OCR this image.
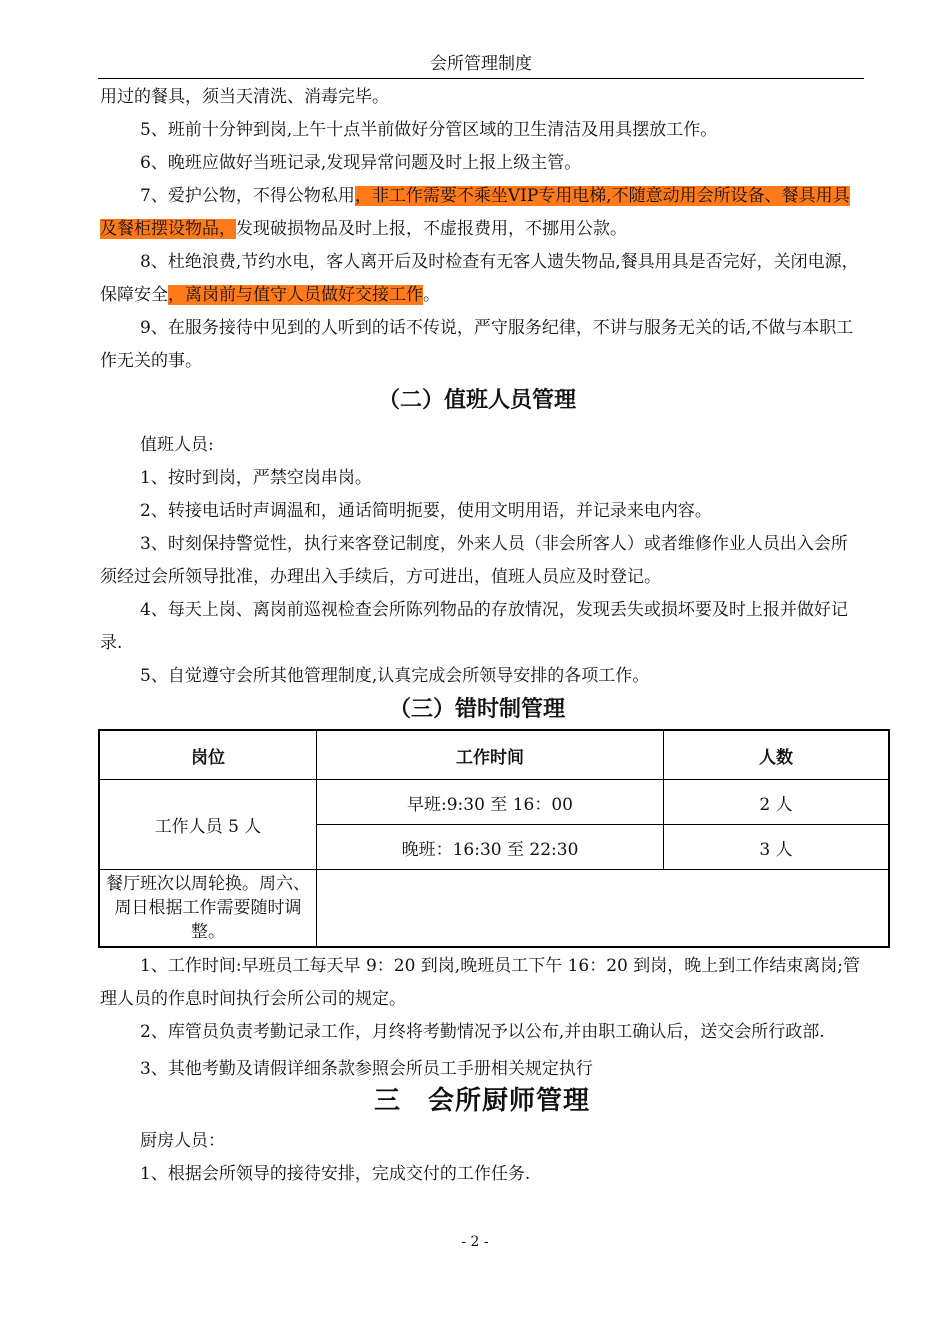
会所管理制度

用过的餐具，须当天清洗、消毒完毕。

5、班前十分钟到岗,上午十点半前做好分管区域的卫生清洁及用具摆放工作。

6、晚班应做好当班记录,发现异常问题及时上报上级主管。

7、爱护公物，不得公物私用，非工作需要不乘坐VIP专用电梯,不随意动用会所设备、餐具用具及餐柜摆设物品，发现破损物品及时上报，不虚报费用，不挪用公款。

8、杜绝浪费,节约水电，客人离开后及时检查有无客人遗失物品,餐具用具是否完好，关闭电源，保障安全，离岗前与值守人员做好交接工作。

9、在服务接待中见到的人听到的话不传说，严守服务纪律，不讲与服务无关的话,不做与本职工作无关的事。

（二）值班人员管理

值班人员:

1、按时到岗，严禁空岗串岗。

2、转接电话时声调温和，通话简明扼要，使用文明用语，并记录来电内容。

3、时刻保持警觉性，执行来客登记制度，外来人员（非会所客人）或者维修作业人员出入会所须经过会所领导批准，办理出入手续后，方可进出，值班人员应及时登记。

4、每天上岗、离岗前巡视检查会所陈列物品的存放情况，发现丢失或损坏要及时上报并做好记录.

5、自觉遵守会所其他管理制度,认真完成会所领导安排的各项工作。

（三）错时制管理
岗位	工作时间	人数
工作人员 5 人	早班:9:30 至 16：00	2 人
	晚班：16:30 至 22:30	3 人

餐厅班次以周轮换。周六、周日根据工作需要随时调整。		

1、工作时间:早班员工每天早 9：20 到岗,晚班员工下午 16：20 到岗，晚上到工作结束离岗;管理人员的作息时间执行会所公司的规定。

2、库管员负责考勤记录工作，月终将考勤情况予以公布,并由职工确认后，送交会所行政部.

3、其他考勤及请假详细条款参照会所员工手册相关规定执行

三　会所厨师管理

厨房人员：

1、根据会所领导的接待安排，完成交付的工作任务.

- 2 -
